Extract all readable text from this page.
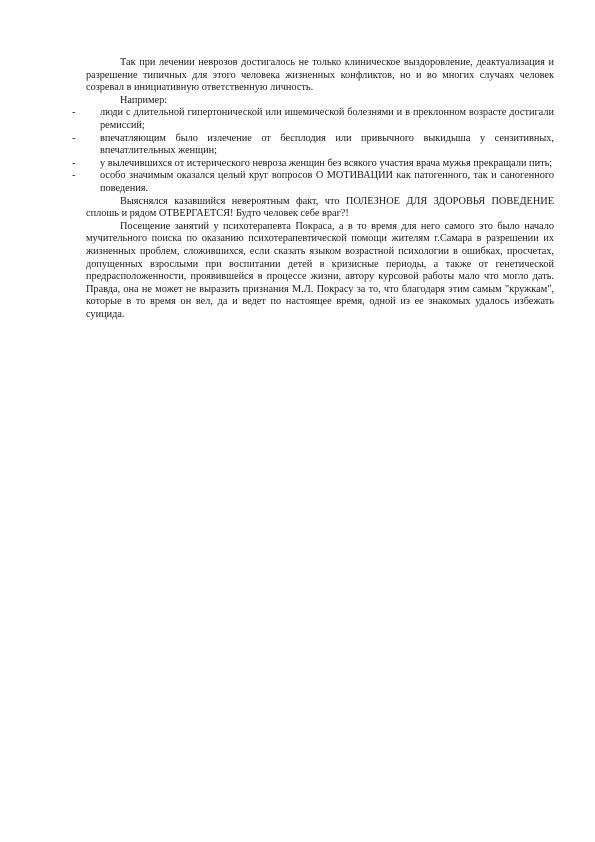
Так при лечении неврозов достигалось не только клиническое выздоровление, деактуализация и разрешение типичных для этого человека жизненных конфликтов, но и во многих случаях человек созревал в инициативную ответственную личность.

Например:

- люди с длительной гипертонической или ишемической болезнями и в преклонном возрасте достигали ремиссий;
- впечатляющим было излечение от бесплодия или привычного выкидыша у сензитивных, впечатлительных женщин;
- у вылечившихся от истерического невроза женщин без всякого участия врача мужья прекращали пить;
- особо значимым оказался целый круг вопросов О МОТИВАЦИИ как патогенного, так и саногенного поведения.

Выяснялся казавшийся невероятным факт, что ПОЛЕЗНОЕ ДЛЯ ЗДОРОВЬЯ ПОВЕДЕНИЕ сплошь и рядом ОТВЕРГАЕТСЯ! Будто человек себе враг?!

Посещение занятий у психотерапевта Покраса, а в то время для него самого это было начало мучительного поиска по оказанию психотерапевтической помощи жителям г.Самара в разрешении их жизненных проблем, сложившихся, если сказать языком возрастной психологии в ошибках, просчетах, допущенных взрослыми при воспитании детей в кризисные периоды, а также от генетической предрасположенности, проявившейся в процессе жизни, автору курсовой работы мало что могло дать. Правда, она не может не выразить признания М.Л. Покрасу за то, что благодаря этим самым "кружкам", которые в то время он вел, да и ведет по настоящее время, одной из ее знакомых удалось избежать суицида.
